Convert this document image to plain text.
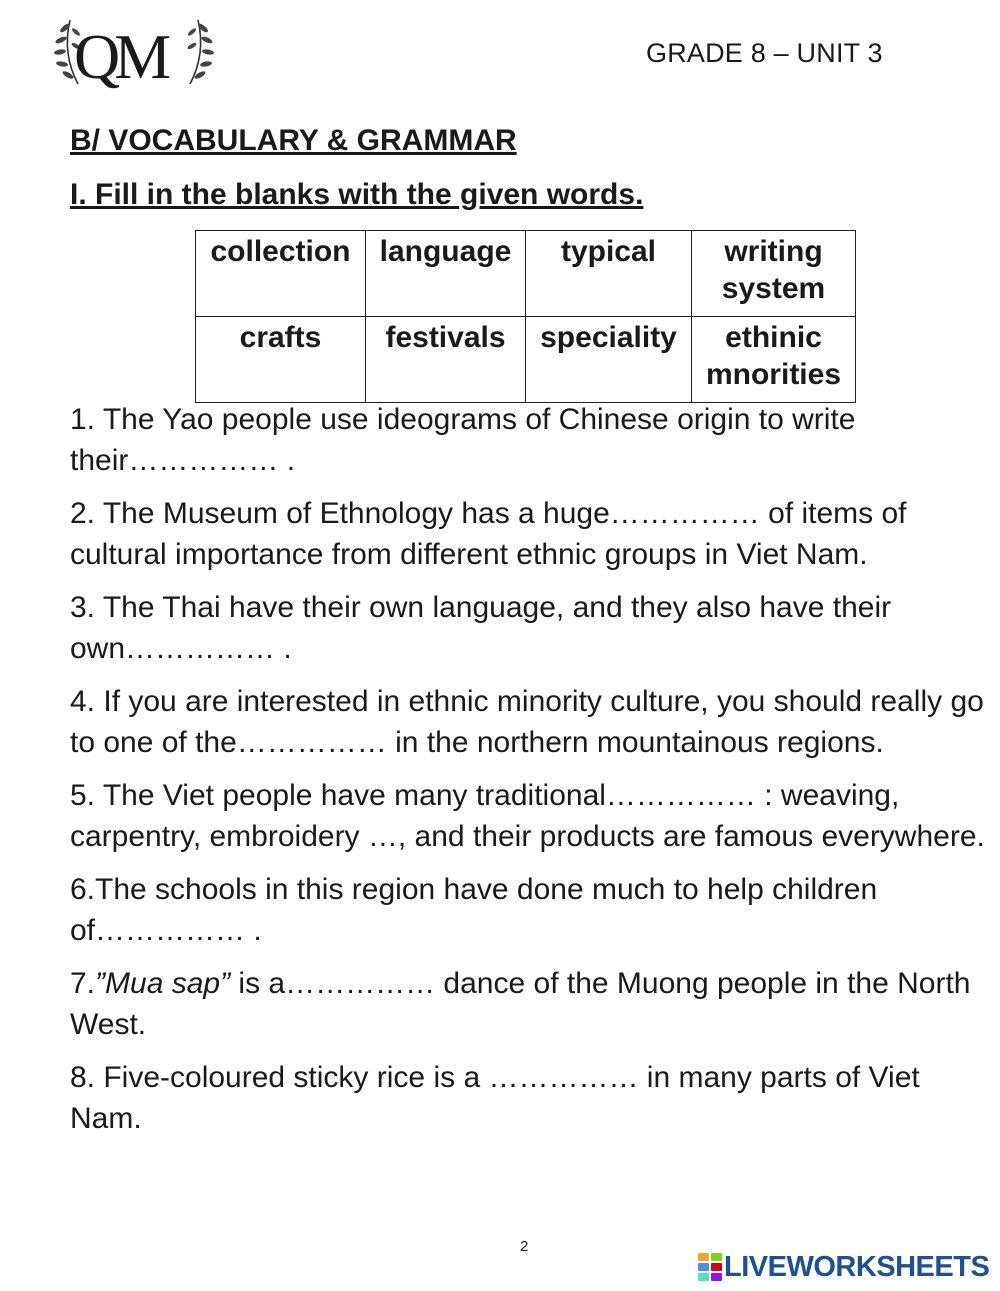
QM	GRADE 8 – UNIT 3
B/ VOCABULARY & GRAMMAR
I. Fill in the blanks with the given words.
collection	language	typical	writing system
crafts	festivals	speciality	ethinic mnorities

1. The Yao people use ideograms of Chinese origin to write their…………… .

2. The Museum of Ethnology has a huge…………… of items of cultural importance from different ethnic groups in Viet Nam.

3. The Thai have their own language, and they also have their own…………… .

4. If you are interested in ethnic minority culture, you should really go to one of the…………… in the northern mountainous regions.

5. The Viet people have many traditional…………… : weaving, carpentry, embroidery …, and their products are famous everywhere.

6.The schools in this region have done much to help children of…………… .

7.”Mua sap” is a…………… dance of the Muong people in the North West.

8. Five-coloured sticky rice is a …………… in many parts of Viet Nam.

2
LIVEWORKSHEETS
